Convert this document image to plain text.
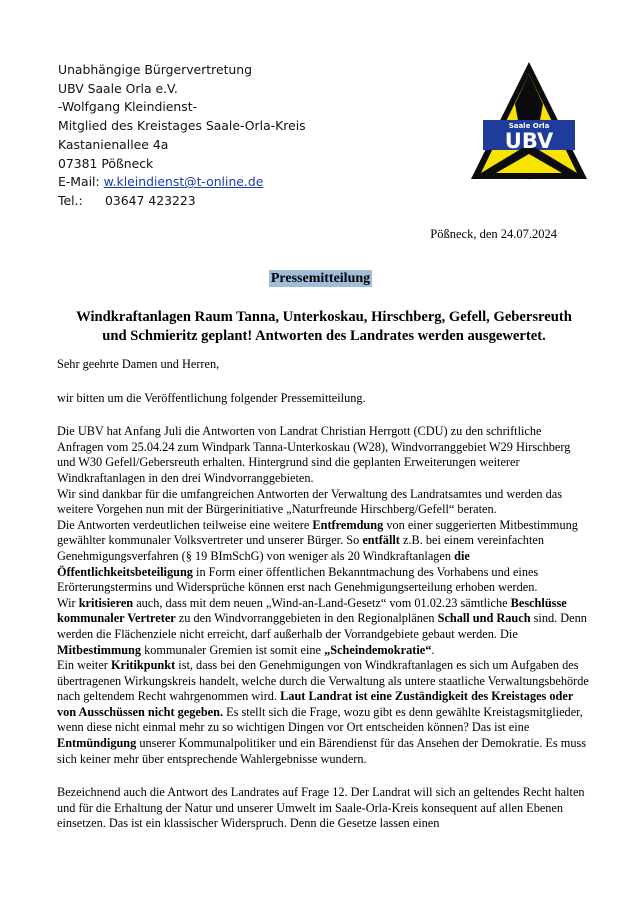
Unabhängige Bürgervertretung
UBV Saale Orla e.V.
-Wolfgang Kleindienst-
Mitglied des Kreistages Saale-Orla-Kreis
Kastanienallee 4a
07381 Pößneck
E-Mail: w.kleindienst@t-online.de
Tel.: 03647 423223
Saale Orla
UBV
Pößneck, den 24.07.2024
Pressemitteilung
Windkraftanlagen Raum Tanna, Unterkoskau, Hirschberg, Gefell, Gebersreuth
und Schmieritz geplant! Antworten des Landrates werden ausgewertet.

Sehr geehrte Damen und Herren,

wir bitten um die Veröffentlichung folgender Pressemitteilung.

Die UBV hat Anfang Juli die Antworten von Landrat Christian Herrgott (CDU) zu den schriftliche Anfragen vom 25.04.24 zum Windpark Tanna-Unterkoskau (W28), Windvorranggebiet W29 Hirschberg und W30 Gefell/Gebersreuth erhalten. Hintergrund sind die geplanten Erweiterungen weiterer Windkraftanlagen in den drei Windvorranggebieten.

Wir sind dankbar für die umfangreichen Antworten der Verwaltung des Landratsamtes und werden das weitere Vorgehen nun mit der Bürgerinitiative „Naturfreunde Hirschberg/Gefell“ beraten.

Die Antworten verdeutlichen teilweise eine weitere Entfremdung von einer suggerierten Mitbestimmung gewählter kommunaler Volksvertreter und unserer Bürger. So entfällt z.B. bei einem vereinfachten Genehmigungsverfahren (§ 19 BImSchG) von weniger als 20 Windkraftanlagen die Öffentlichkeitsbeteiligung in Form einer öffentlichen Bekanntmachung des Vorhabens und eines Erörterungstermins und Widersprüche können erst nach Genehmigungserteilung erhoben werden.

Wir kritisieren auch, dass mit dem neuen „Wind-an-Land-Gesetz“ vom 01.02.23 sämtliche Beschlüsse kommunaler Vertreter zu den Windvorranggebieten in den Regionalplänen Schall und Rauch sind. Denn werden die Flächenziele nicht erreicht, darf außerhalb der Vorrandgebiete gebaut werden. Die Mitbestimmung kommunaler Gremien ist somit eine „Scheindemokratie“.

Ein weiter Kritikpunkt ist, dass bei den Genehmigungen von Windkraftanlagen es sich um Aufgaben des übertragenen Wirkungskreis handelt, welche durch die Verwaltung als untere staatliche Verwaltungsbehörde nach geltendem Recht wahrgenommen wird. Laut Landrat ist eine Zuständigkeit des Kreistages oder von Ausschüssen nicht gegeben. Es stellt sich die Frage, wozu gibt es denn gewählte Kreistagsmitglieder, wenn diese nicht einmal mehr zu so wichtigen Dingen vor Ort entscheiden können? Das ist eine Entmündigung unserer Kommunalpolitiker und ein Bärendienst für das Ansehen der Demokratie. Es muss sich keiner mehr über entsprechende Wahlergebnisse wundern.

Bezeichnend auch die Antwort des Landrates auf Frage 12. Der Landrat will sich an geltendes Recht halten und für die Erhaltung der Natur und unserer Umwelt im Saale-Orla-Kreis konsequent auf allen Ebenen einsetzen. Das ist ein klassischer Widerspruch. Denn die Gesetze lassen einen
